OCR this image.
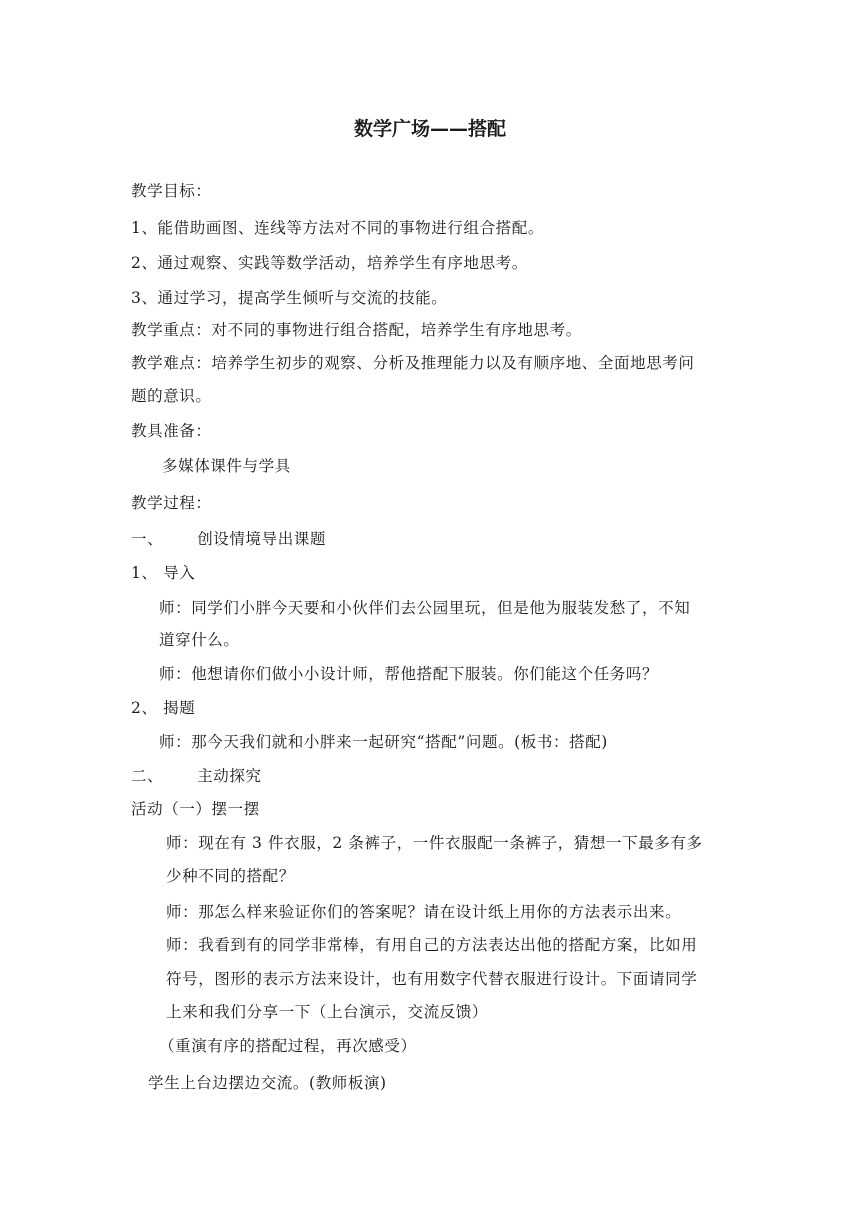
数学广场——搭配
教学目标：
1、能借助画图、连线等方法对不同的事物进行组合搭配。
2、通过观察、实践等数学活动，培养学生有序地思考。
3、通过学习，提高学生倾听与交流的技能。
教学重点：对不同的事物进行组合搭配，培养学生有序地思考。
教学难点：培养学生初步的观察、分析及推理能力以及有顺序地、全面地思考问
题的意识。
教具准备：
多媒体课件与学具
教学过程：
一、 创设情境导出课题
1、 导入
师：同学们小胖今天要和小伙伴们去公园里玩，但是他为服装发愁了，不知
道穿什么。
师：他想请你们做小小设计师，帮他搭配下服装。你们能这个任务吗？
2、 揭题
师：那今天我们就和小胖来一起研究“搭配”问题。(板书：搭配)
二、 主动探究
活动（一）摆一摆
师：现在有 3 件衣服，2 条裤子，一件衣服配一条裤子，猜想一下最多有多
少种不同的搭配？
师：那怎么样来验证你们的答案呢？请在设计纸上用你的方法表示出来。
师：我看到有的同学非常棒，有用自己的方法表达出他的搭配方案，比如用
符号，图形的表示方法来设计，也有用数字代替衣服进行设计。下面请同学
上来和我们分享一下（上台演示，交流反馈）
（重演有序的搭配过程，再次感受）
学生上台边摆边交流。(教师板演)
